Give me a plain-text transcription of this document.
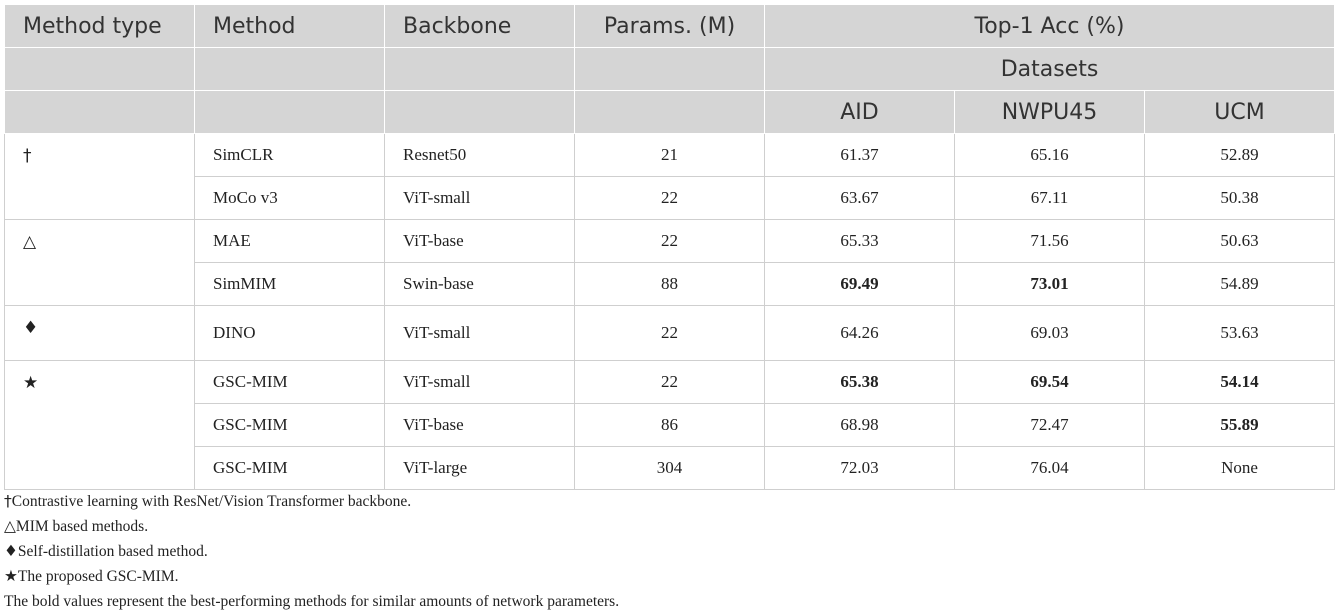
Method type	Method	Backbone	Params. (M)	Top-1 Acc (%)		
				Datasets		
				AID	NWPU45	UCM
†	SimCLR	Resnet50	21	61.37	65.16	52.89
	MoCo v3	ViT-small	22	63.67	67.11	50.38
△	MAE	ViT-base	22	65.33	71.56	50.63
	SimMIM	Swin-base	88	69.49	73.01	54.89
♦	DINO	ViT-small	22	64.26	69.03	53.63
★	GSC-MIM	ViT-small	22	65.38	69.54	54.14
	GSC-MIM	ViT-base	86	68.98	72.47	55.89
	GSC-MIM	ViT-large	304	72.03	76.04	None
†Contrastive learning with ResNet/Vision Transformer backbone.
△MIM based methods.
♦Self-distillation based method.
★The proposed GSC-MIM.
The bold values represent the best-performing methods for similar amounts of network parameters.
